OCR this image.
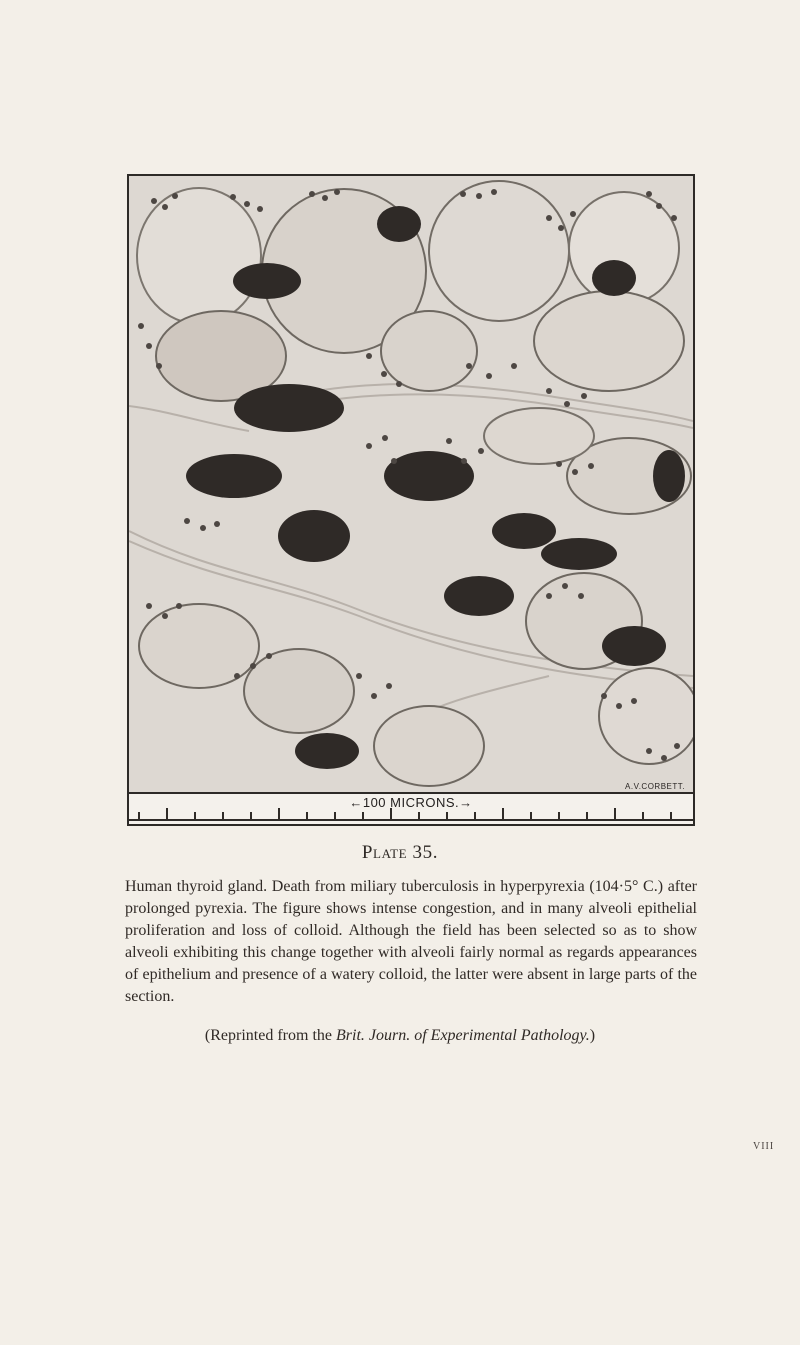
A.V.CORBETT.
←100 MICRONS.→
Plate 35.
Human thyroid gland. Death from miliary tuberculosis in hyperpyrexia (104·5° C.) after prolonged pyrexia. The figure shows intense congestion, and in many alveoli epithelial proliferation and loss of colloid. Although the field has been selected so as to show alveoli exhibiting this change together with alveoli fairly normal as regards appearances of epithelium and presence of a watery colloid, the latter were absent in large parts of the section.
(Reprinted from the Brit. Journ. of Experimental Pathology.)
VIII
